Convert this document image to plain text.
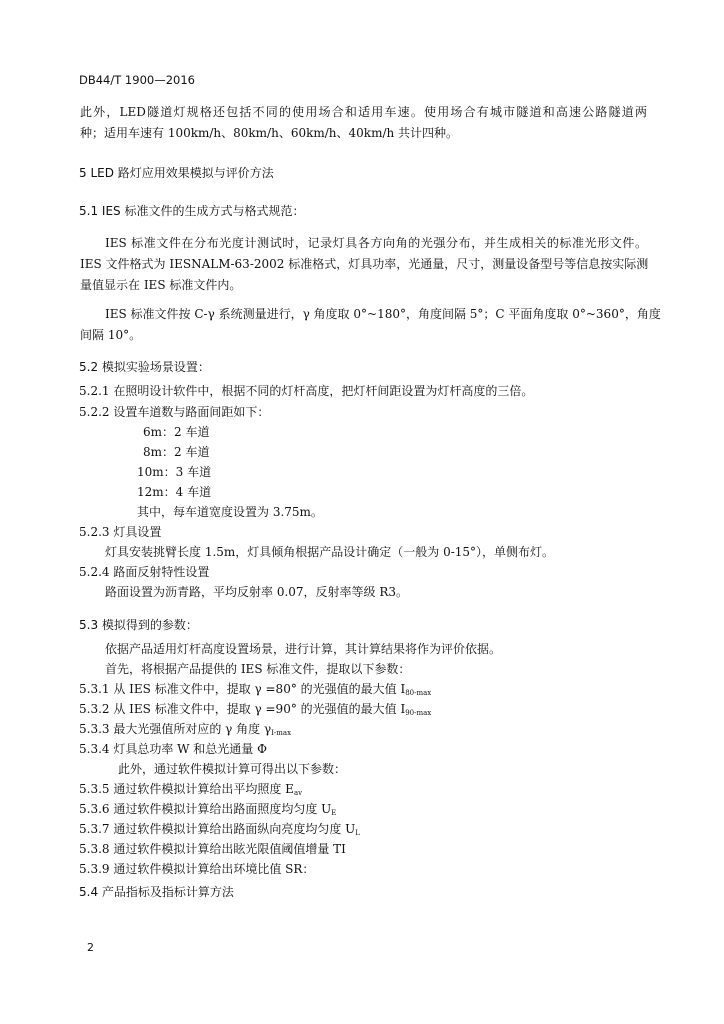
DB44/T 1900—2016
此外，LED隧道灯规格还包括不同的使用场合和适用车速。使用场合有城市隧道和高速公路隧道两
种；适用车速有 100km/h、80km/h、60km/h、40km/h 共计四种。
5 LED 路灯应用效果模拟与评价方法
5.1 IES 标准文件的生成方式与格式规范：
IES 标准文件在分布光度计测试时，记录灯具各方向角的光强分布，并生成相关的标准光形文件。
IES 文件格式为 IESNALM-63-2002 标准格式，灯具功率，光通量，尺寸，测量设备型号等信息按实际测
量值显示在 IES 标准文件内。
IES 标准文件按 C-γ 系统测量进行，γ 角度取 0°~180°，角度间隔 5°；C 平面角度取 0°~360°，角度
间隔 10°。
5.2 模拟实验场景设置：
5.2.1 在照明设计软件中，根据不同的灯杆高度，把灯杆间距设置为灯杆高度的三倍。
5.2.2 设置车道数与路面间距如下：
6m：2 车道
8m：2 车道
10m：3 车道
12m：4 车道
其中，每车道宽度设置为 3.75m。
5.2.3 灯具设置
灯具安装挑臂长度 1.5m，灯具倾角根据产品设计确定（一般为 0-15°），单侧布灯。
5.2.4 路面反射特性设置
路面设置为沥青路，平均反射率 0.07，反射率等级 R3。
5.3 模拟得到的参数：
依据产品适用灯杆高度设置场景，进行计算，其计算结果将作为评价依据。
首先，将根据产品提供的 IES 标准文件，提取以下参数：
5.3.1 从 IES 标准文件中，提取 γ =80° 的光强值的最大值 $I_{80-max}$
5.3.2 从 IES 标准文件中，提取 γ =90° 的光强值的最大值 $I_{90-max}$
5.3.3 最大光强值所对应的 γ 角度 $\gamma_{I-max}$
5.3.4 灯具总功率 W 和总光通量 Φ
此外，通过软件模拟计算可得出以下参数：
5.3.5 通过软件模拟计算给出平均照度 $E_{av}$
5.3.6 通过软件模拟计算给出路面照度均匀度 $U_E$
5.3.7 通过软件模拟计算给出路面纵向亮度均匀度 $U_L$
5.3.8 通过软件模拟计算给出眩光限值阈值增量 TI
5.3.9 通过软件模拟计算给出环境比值 SR：
5.4 产品指标及指标计算方法
2
